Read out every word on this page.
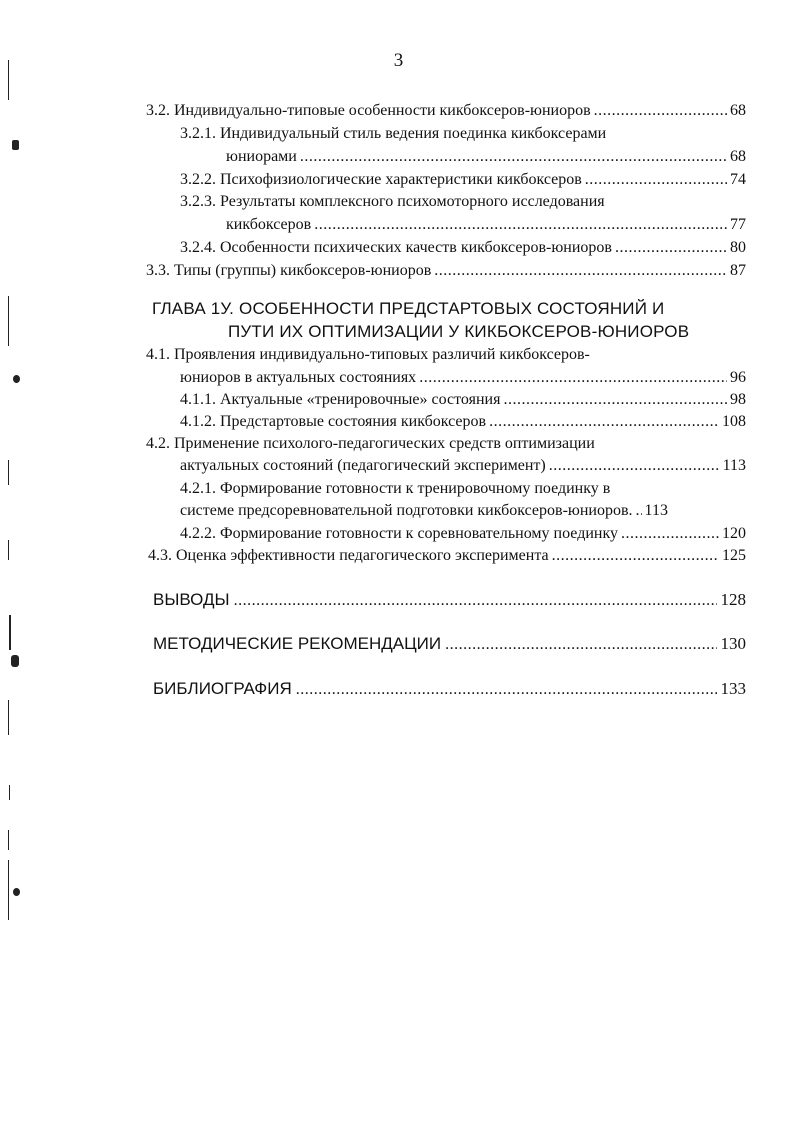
3
3.2. Индивидуально-типовые особенности кикбоксеров-юниоров .....	68
3.2.1. Индивидуальный стиль ведения поединка кикбоксерами
юниорами .....	68
3.2.2. Психофизиологические характеристики кикбоксеров .....	74
3.2.3. Результаты комплексного психомоторного исследования
кикбоксеров .....	77
3.2.4. Особенности психических качеств кикбоксеров-юниоров .....	80
3.3. Типы (группы) кикбоксеров-юниоров .....	87
ГЛАВА 1У. ОСОБЕННОСТИ ПРЕДСТАРТОВЫХ СОСТОЯНИЙ И
ПУТИ ИХ ОПТИМИЗАЦИИ У КИКБОКСЕРОВ-ЮНИОРОВ
4.1. Проявления индивидуально-типовых различий кикбоксеров-
юниоров в актуальных состояниях .....	96
4.1.1. Актуальные «тренировочные» состояния .....	98
4.1.2. Предстартовые состояния кикбоксеров .....	108
4.2. Применение психолого-педагогических средств оптимизации
актуальных состояний (педагогический эксперимент) .....	113
4.2.1. Формирование готовности к тренировочному поединку в
системе предсоревновательной подготовки кикбоксеров-юниоров. ..... 113
4.2.2. Формирование готовности к соревновательному поединку .....	120
4.3. Оценка эффективности педагогического эксперимента .....	125
ВЫВОДЫ .....	128
МЕТОДИЧЕСКИЕ РЕКОМЕНДАЦИИ .....	130
БИБЛИОГРАФИЯ .....	133
